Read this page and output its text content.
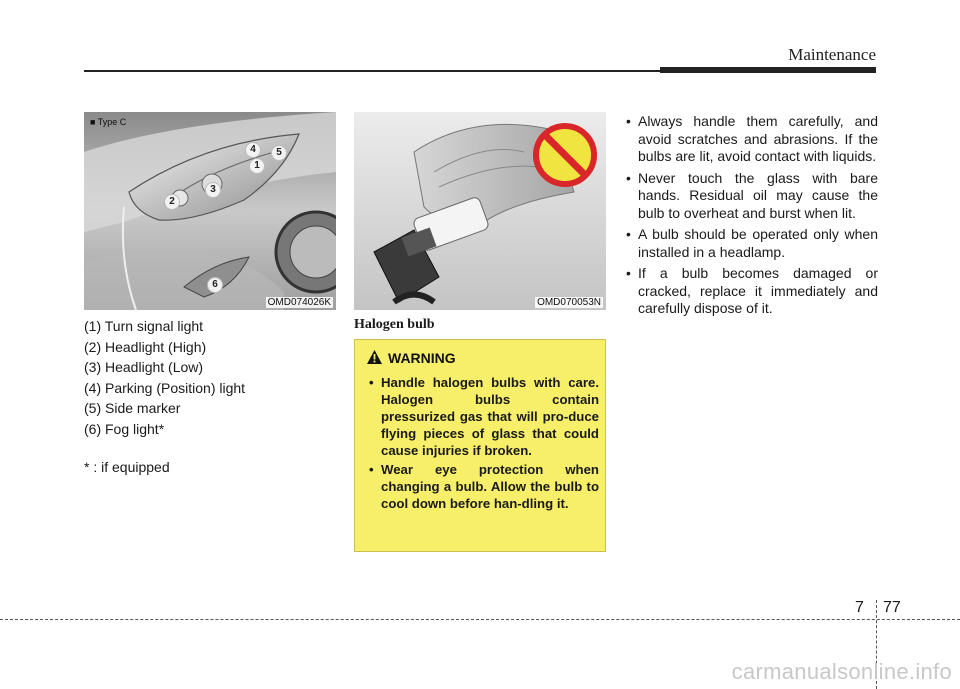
Maintenance
■ Type C
4	5
1
3
2
6
OMD074026K
(1) Turn signal light
(2) Headlight (High)
(3) Headlight (Low)
(4) Parking (Position) light
(5) Side marker
(6) Fog light*
* : if equipped
OMD070053N
Halogen bulb
WARNING
• Handle halogen bulbs with care. Halogen bulbs contain pressurized gas that will pro-duce flying pieces of glass that could cause injuries if broken.
• Wear eye protection when changing a bulb. Allow the bulb to cool down before han-dling it.
• Always handle them carefully, and avoid scratches and abrasions. If the bulbs are lit, avoid contact with liquids.
• Never touch the glass with bare hands. Residual oil may cause the bulb to overheat and burst when lit.
• A bulb should be operated only when installed in a headlamp.
• If a bulb becomes damaged or cracked, replace it immediately and carefully dispose of it.
7 77
carmanualsonline.info
